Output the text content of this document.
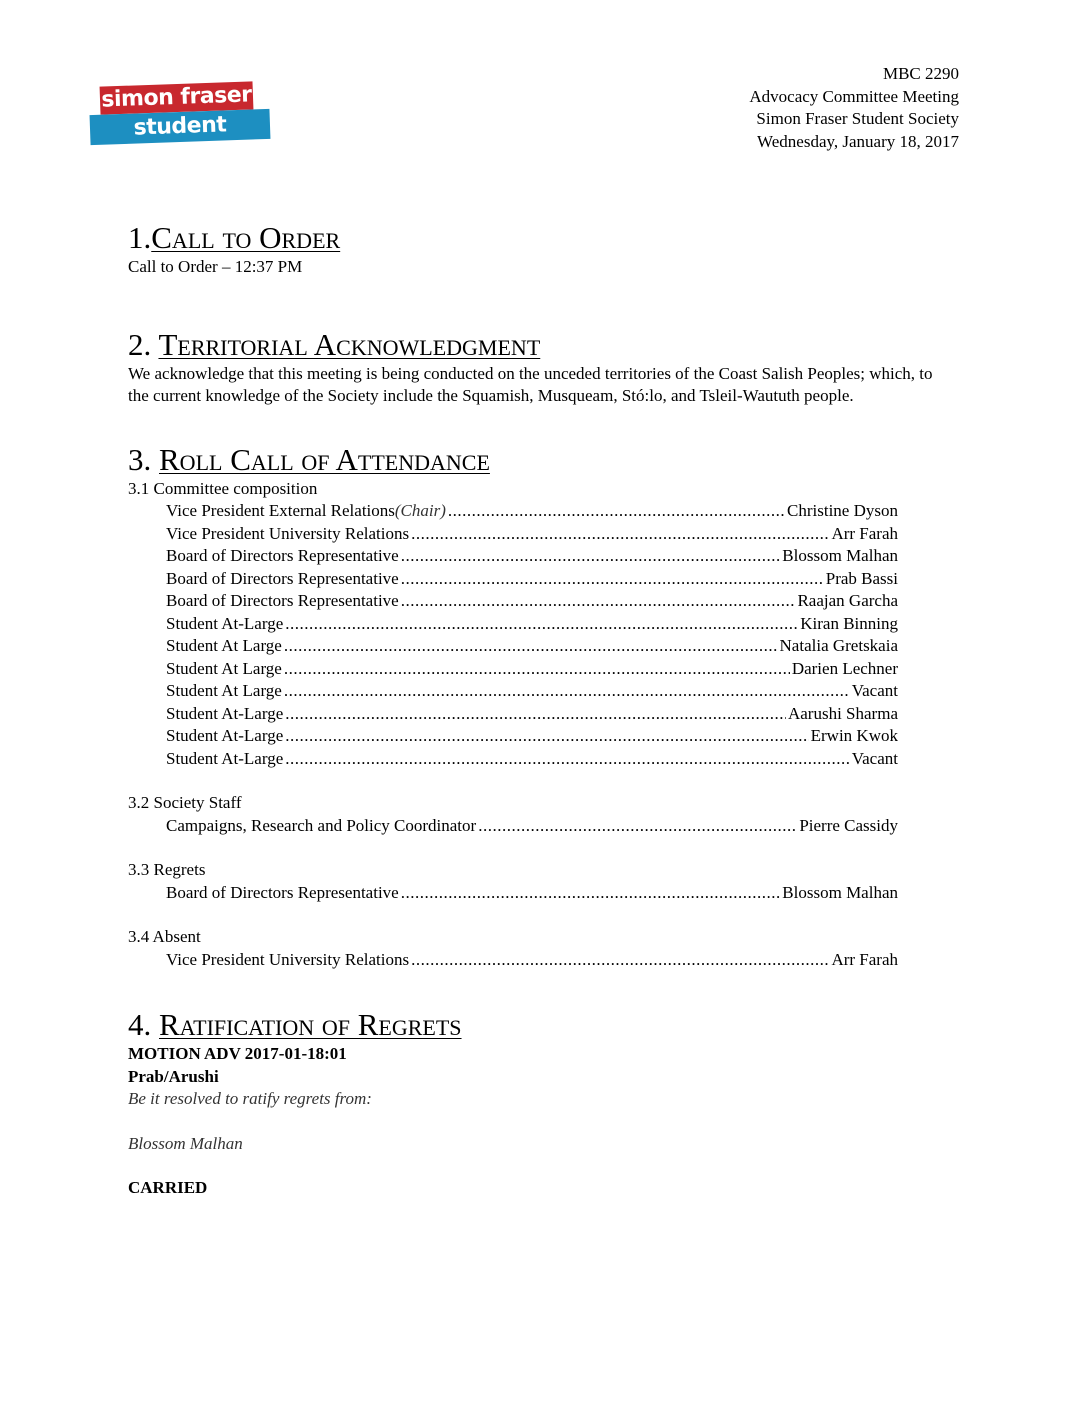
simon fraser
student society
MBC 2290
Advocacy Committee Meeting
Simon Fraser Student Society
Wednesday, January 18, 2017
1.Call to Order
Call to Order – 12:37 PM
2. Territorial Acknowledgment
We acknowledge that this meeting is being conducted on the unceded territories of the Coast Salish Peoples; which, to the current knowledge of the Society include the Squamish, Musqueam, Stó:lo, and Tsleil-Waututh people.
3. Roll Call of Attendance
3.1 Committee composition
Vice President External Relations (Chair) .....	Christine Dyson
Vice President University Relations .....	Arr Farah
Board of Directors Representative .....	Blossom Malhan
Board of Directors Representative .....	Prab Bassi
Board of Directors Representative .....	Raajan Garcha
Student At-Large .....	Kiran Binning
Student At Large .....	Natalia Gretskaia
Student At Large .....	Darien Lechner
Student At Large .....	Vacant
Student At-Large .....	Aarushi Sharma
Student At-Large .....	Erwin Kwok
Student At-Large .....	Vacant
3.2 Society Staff
Campaigns, Research and Policy Coordinator .....	Pierre Cassidy
3.3 Regrets
Board of Directors Representative .....	Blossom Malhan
3.4 Absent
Vice President University Relations .....	Arr Farah
4. Ratification of Regrets
MOTION ADV 2017-01-18:01
Prab/Arushi
Be it resolved to ratify regrets from:
Blossom Malhan
CARRIED
